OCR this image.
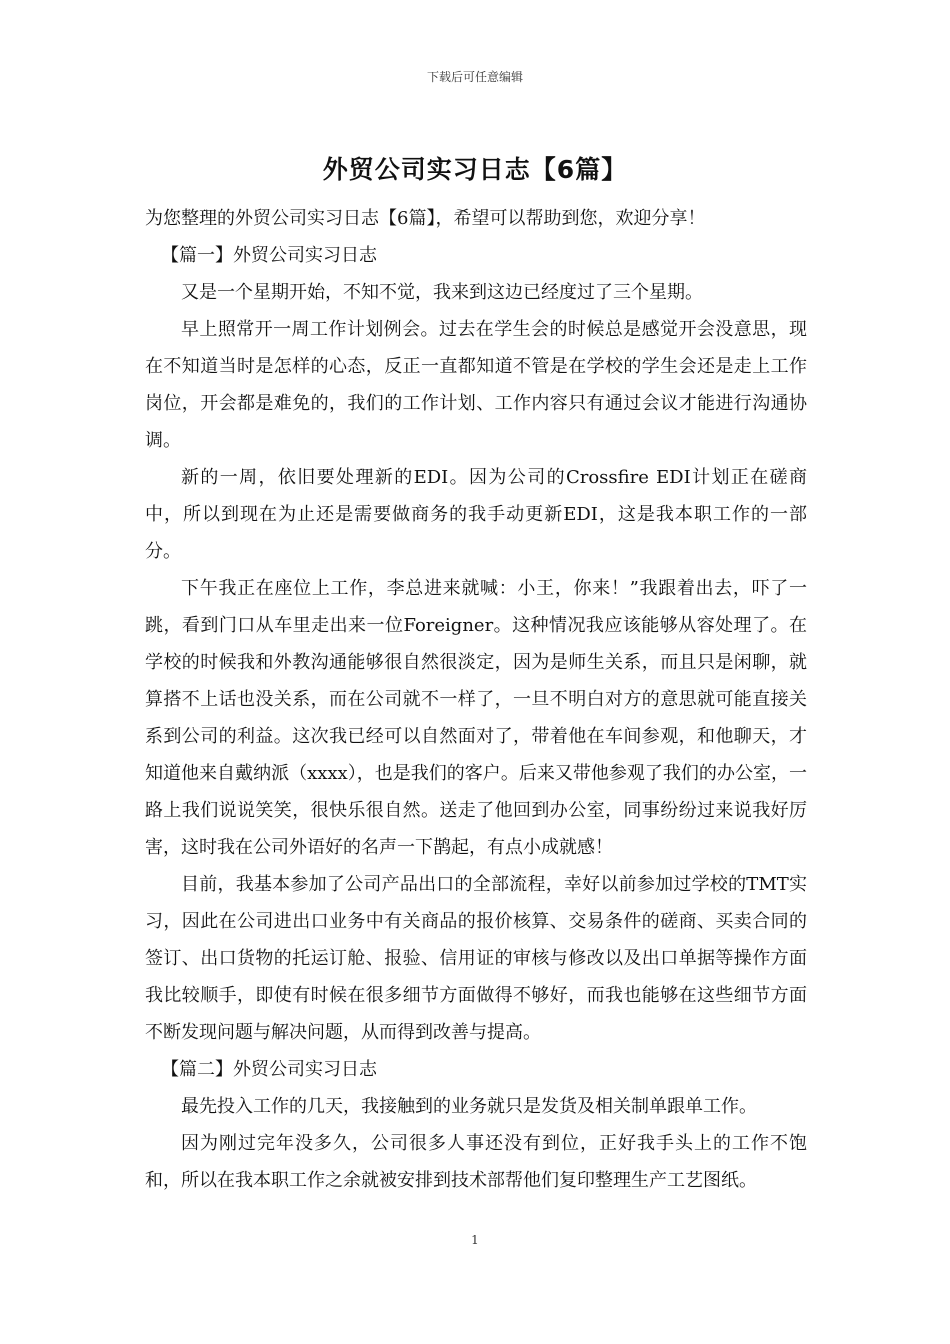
下载后可任意编辑
外贸公司实习日志【6篇】

为您整理的外贸公司实习日志【6篇】，希望可以帮助到您，欢迎分享！

【篇一】外贸公司实习日志

又是一个星期开始，不知不觉，我来到这边已经度过了三个星期。

早上照常开一周工作计划例会。过去在学生会的时候总是感觉开会没意思，现在不知道当时是怎样的心态，反正一直都知道不管是在学校的学生会还是走上工作岗位，开会都是难免的，我们的工作计划、工作内容只有通过会议才能进行沟通协调。

新的一周，依旧要处理新的EDI。因为公司的Crossfire EDI计划正在磋商中，所以到现在为止还是需要做商务的我手动更新EDI，这是我本职工作的一部分。

下午我正在座位上工作，李总进来就喊：小王，你来！”我跟着出去，吓了一跳，看到门口从车里走出来一位Foreigner。这种情况我应该能够从容处理了。在学校的时候我和外教沟通能够很自然很淡定，因为是师生关系，而且只是闲聊，就算搭不上话也没关系，而在公司就不一样了，一旦不明白对方的意思就可能直接关系到公司的利益。这次我已经可以自然面对了，带着他在车间参观，和他聊天，才知道他来自戴纳派（xxxx），也是我们的客户。后来又带他参观了我们的办公室，一路上我们说说笑笑，很快乐很自然。送走了他回到办公室，同事纷纷过来说我好厉害，这时我在公司外语好的名声一下鹊起，有点小成就感！

目前，我基本参加了公司产品出口的全部流程，幸好以前参加过学校的TMT实习，因此在公司进出口业务中有关商品的报价核算、交易条件的磋商、买卖合同的签订、出口货物的托运订舱、报验、信用证的审核与修改以及出口单据等操作方面我比较顺手，即使有时候在很多细节方面做得不够好，而我也能够在这些细节方面不断发现问题与解决问题，从而得到改善与提高。

【篇二】外贸公司实习日志

最先投入工作的几天，我接触到的业务就只是发货及相关制单跟单工作。

因为刚过完年没多久，公司很多人事还没有到位，正好我手头上的工作不饱和，所以在我本职工作之余就被安排到技术部帮他们复印整理生产工艺图纸。

1
